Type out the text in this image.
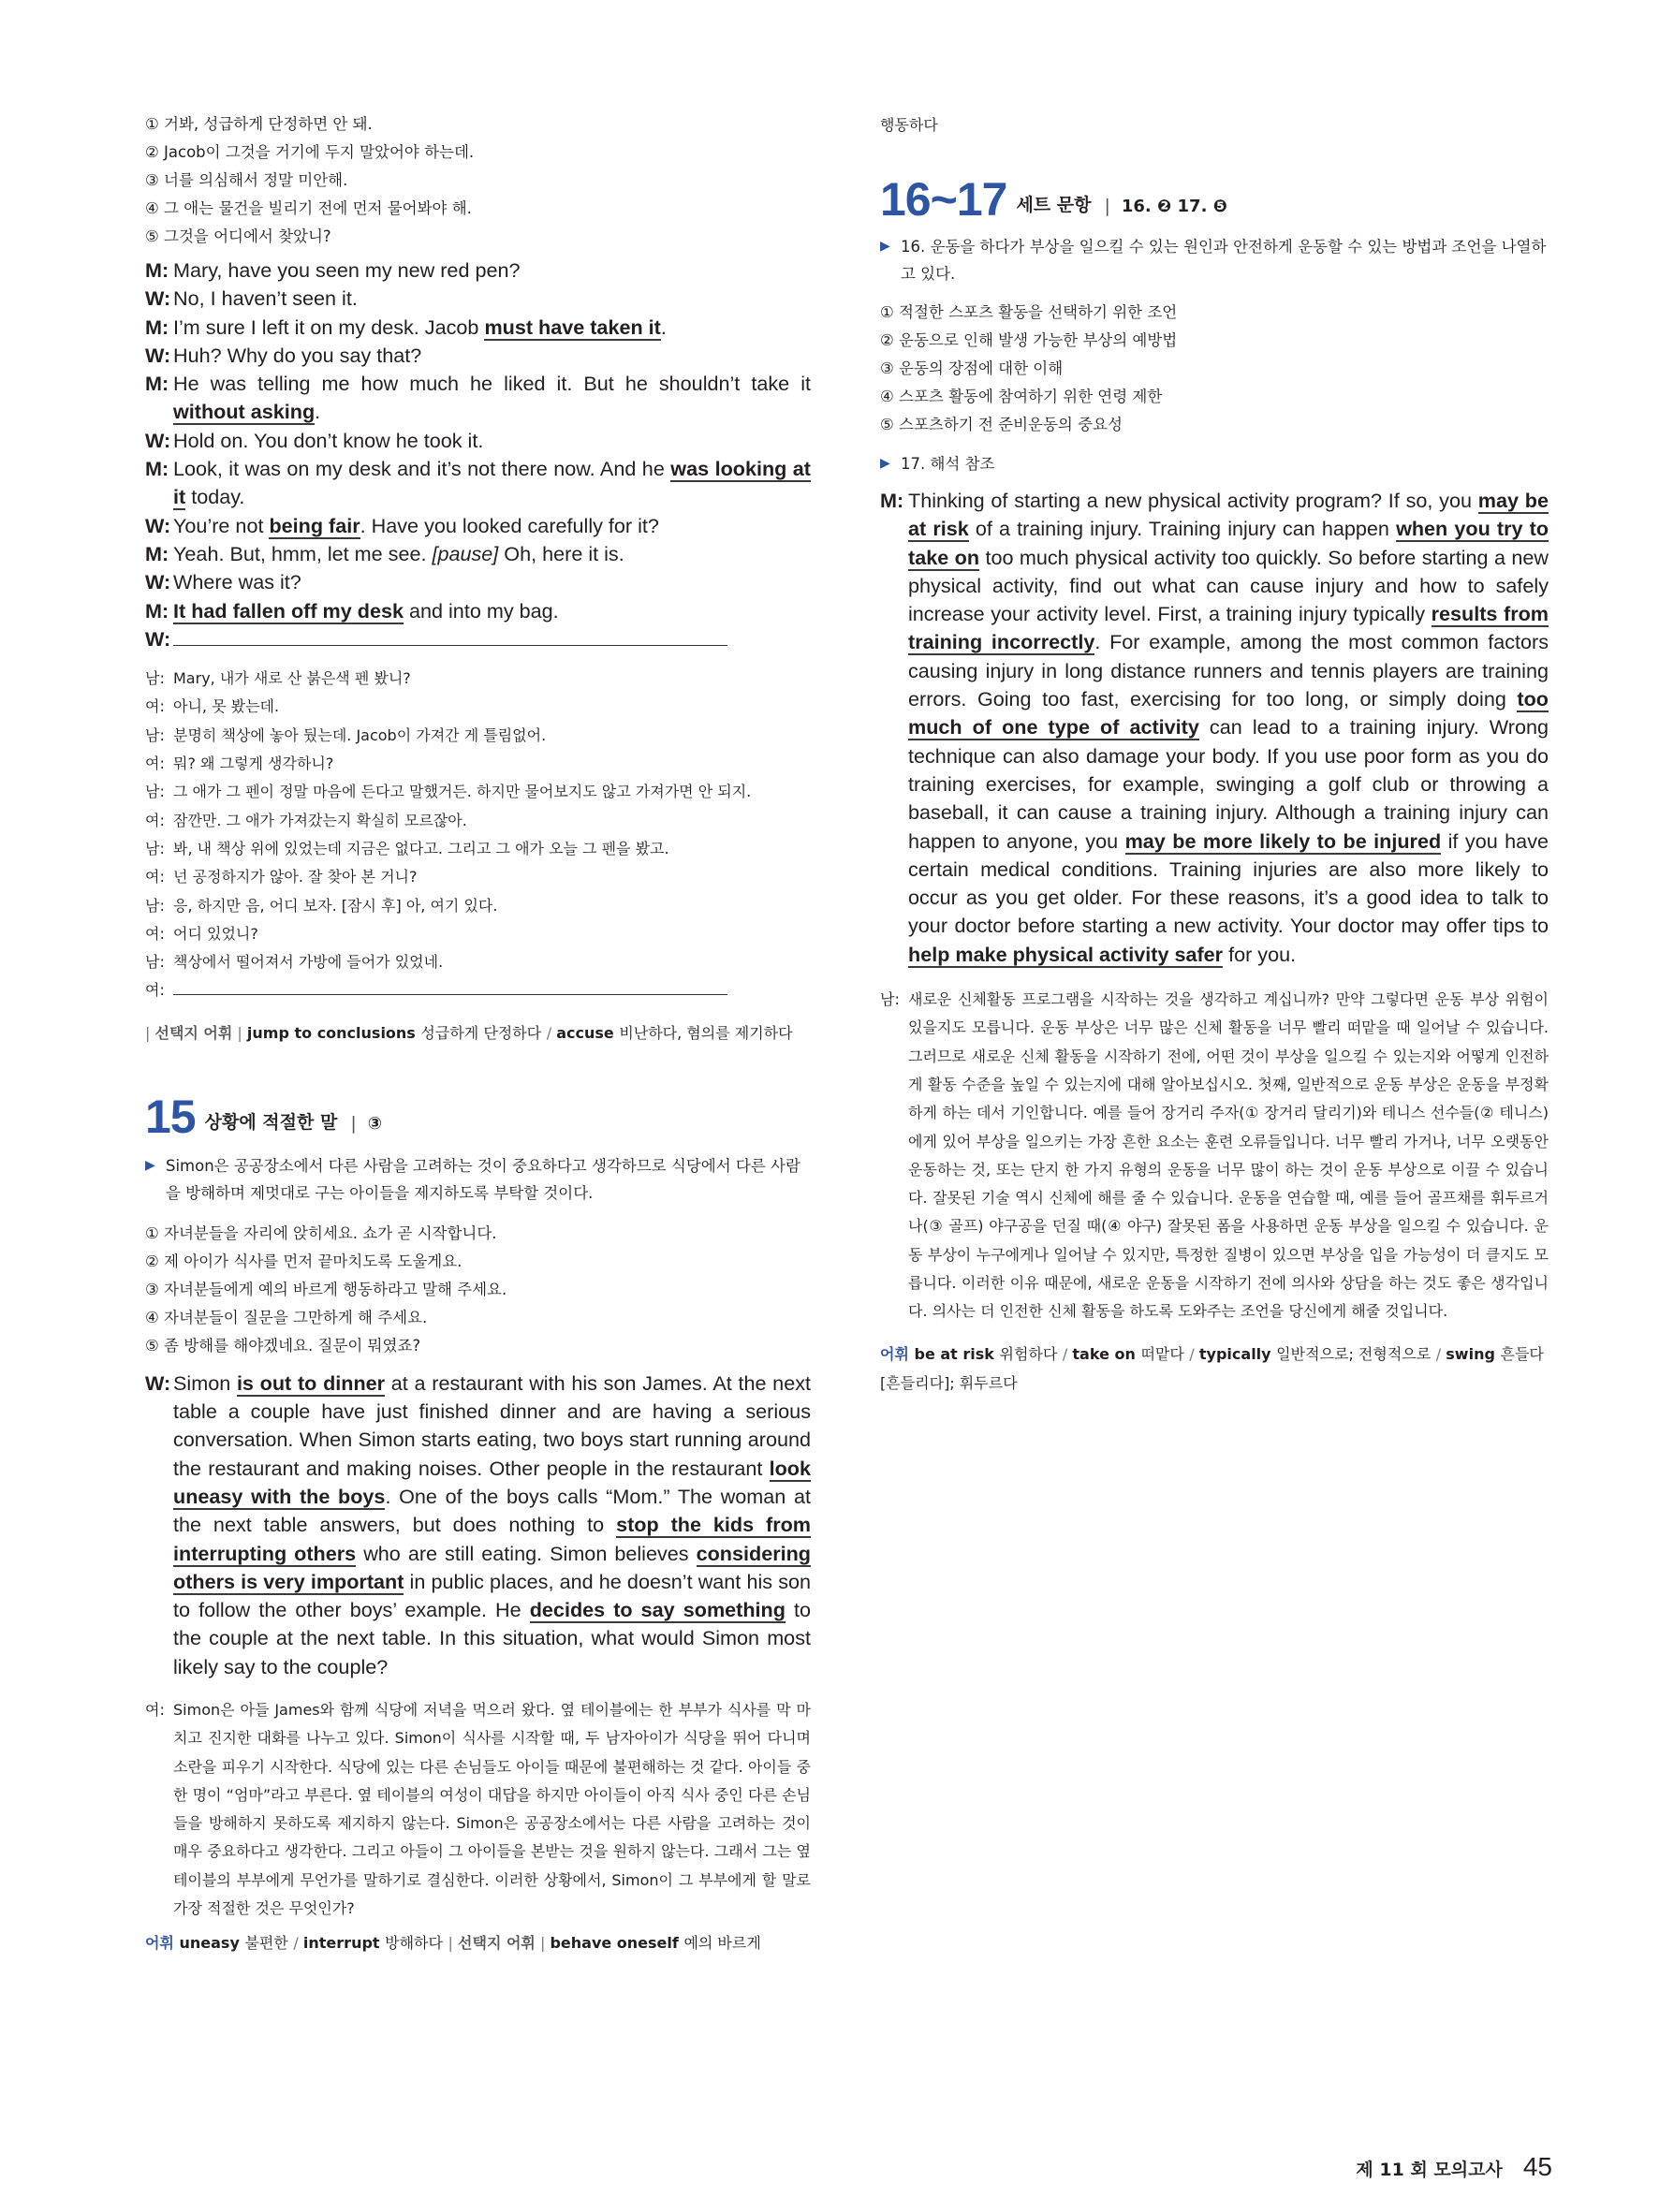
① 거봐, 성급하게 단정하면 안 돼.

② Jacob이 그것을 거기에 두지 말았어야 하는데.

③ 너를 의심해서 정말 미안해.

④ 그 애는 물건을 빌리기 전에 먼저 물어봐야 해.

⑤ 그것을 어디에서 찾았니?

M: Mary, have you seen my new red pen?
W: No, I haven’t seen it.
M: I’m sure I left it on my desk. Jacob must have taken it.
W: Huh? Why do you say that?
M: He was telling me how much he liked it. But he shouldn’t take it without asking.
W: Hold on. You don’t know he took it.
M: Look, it was on my desk and it’s not there now. And he was looking at it today.
W: You’re not being fair. Have you looked carefully for it?
M: Yeah. But, hmm, let me see. [pause] Oh, here it is.
W: Where was it?
M: It had fallen off my desk and into my bag.
W:
남: Mary, 내가 새로 산 붉은색 펜 봤니?
여: 아니, 못 봤는데.
남: 분명히 책상에 놓아 뒀는데. Jacob이 가져간 게 틀림없어.
여: 뭐? 왜 그렇게 생각하니?
남: 그 애가 그 펜이 정말 마음에 든다고 말했거든. 하지만 물어보지도 않고 가져가면 안 되지.
여: 잠깐만. 그 애가 가져갔는지 확실히 모르잖아.
남: 봐, 내 책상 위에 있었는데 지금은 없다고. 그리고 그 애가 오늘 그 펜을 봤고.
여: 넌 공정하지가 않아. 잘 찾아 본 거니?
남: 응, 하지만 음, 어디 보자. [잠시 후] 아, 여기 있다.
여: 어디 있었니?
남: 책상에서 떨어져서 가방에 들어가 있었네.
여:

| 선택지 어휘 | jump to conclusions 성급하게 단정하다 / accuse 비난하다, 혐의를 제기하다

15 상황에 적절한 말 | ③

▶ Simon은 공공장소에서 다른 사람을 고려하는 것이 중요하다고 생각하므로 식당에서 다른 사람을 방해하며 제멋대로 구는 아이들을 제지하도록 부탁할 것이다.

① 자녀분들을 자리에 앉히세요. 쇼가 곧 시작합니다.

② 제 아이가 식사를 먼저 끝마치도록 도울게요.

③ 자녀분들에게 예의 바르게 행동하라고 말해 주세요.

④ 자녀분들이 질문을 그만하게 해 주세요.

⑤ 좀 방해를 해야겠네요. 질문이 뭐였죠?

W: Simon is out to dinner at a restaurant with his son James. At the next table a couple have just finished dinner and are having a serious conversation. When Simon starts eating, two boys start running around the restaurant and making noises. Other people in the restaurant look uneasy with the boys. One of the boys calls “Mom.” The woman at the next table answers, but does nothing to stop the kids from interrupting others who are still eating. Simon believes considering others is very important in public places, and he doesn’t want his son to follow the other boys’ example. He decides to say something to the couple at the next table. In this situation, what would Simon most likely say to the couple?
여: Simon은 아들 James와 함께 식당에 저녁을 먹으러 왔다. 옆 테이블에는 한 부부가 식사를 막 마치고 진지한 대화를 나누고 있다. Simon이 식사를 시작할 때, 두 남자아이가 식당을 뛰어 다니며 소란을 피우기 시작한다. 식당에 있는 다른 손님들도 아이들 때문에 불편해하는 것 같다. 아이들 중 한 명이 “엄마”라고 부른다. 옆 테이블의 여성이 대답을 하지만 아이들이 아직 식사 중인 다른 손님들을 방해하지 못하도록 제지하지 않는다. Simon은 공공장소에서는 다른 사람을 고려하는 것이 매우 중요하다고 생각한다. 그리고 아들이 그 아이들을 본받는 것을 원하지 않는다. 그래서 그는 옆 테이블의 부부에게 무언가를 말하기로 결심한다. 이러한 상황에서, Simon이 그 부부에게 할 말로 가장 적절한 것은 무엇인가?

어휘 uneasy 불편한 / interrupt 방해하다 | 선택지 어휘 | behave oneself 예의 바르게

행동하다

16~17 세트 문항 | 16. ❷ 17. ❺

▶ 16. 운동을 하다가 부상을 일으킬 수 있는 원인과 안전하게 운동할 수 있는 방법과 조언을 나열하고 있다.

① 적절한 스포츠 활동을 선택하기 위한 조언

② 운동으로 인해 발생 가능한 부상의 예방법

③ 운동의 장점에 대한 이해

④ 스포츠 활동에 참여하기 위한 연령 제한

⑤ 스포츠하기 전 준비운동의 중요성

▶ 17. 해석 참조

M: Thinking of starting a new physical activity program? If so, you may be at risk of a training injury. Training injury can happen when you try to take on too much physical activity too quickly. So before starting a new physical activity, find out what can cause injury and how to safely increase your activity level. First, a training injury typically results from training incorrectly. For example, among the most common factors causing injury in long distance runners and tennis players are training errors. Going too fast, exercising for too long, or simply doing too much of one type of activity can lead to a training injury. Wrong technique can also damage your body. If you use poor form as you do training exercises, for example, swinging a golf club or throwing a baseball, it can cause a training injury. Although a training injury can happen to anyone, you may be more likely to be injured if you have certain medical conditions. Training injuries are also more likely to occur as you get older. For these reasons, it’s a good idea to talk to your doctor before starting a new activity. Your doctor may offer tips to help make physical activity safer for you.
남: 새로운 신체활동 프로그램을 시작하는 것을 생각하고 계십니까? 만약 그렇다면 운동 부상 위험이 있을지도 모릅니다. 운동 부상은 너무 많은 신체 활동을 너무 빨리 떠맡을 때 일어날 수 있습니다. 그러므로 새로운 신체 활동을 시작하기 전에, 어떤 것이 부상을 일으킬 수 있는지와 어떻게 인전하게 활동 수준을 높일 수 있는지에 대해 알아보십시오. 첫째, 일반적으로 운동 부상은 운동을 부정확하게 하는 데서 기인합니다. 예를 들어 장거리 주자(① 장거리 달리기)와 테니스 선수들(② 테니스)에게 있어 부상을 일으키는 가장 흔한 요소는 훈련 오류들입니다. 너무 빨리 가거나, 너무 오랫동안 운동하는 것, 또는 단지 한 가지 유형의 운동을 너무 많이 하는 것이 운동 부상으로 이끌 수 있습니다. 잘못된 기술 역시 신체에 해를 줄 수 있습니다. 운동을 연습할 때, 예를 들어 골프채를 휘두르거나(③ 골프) 야구공을 던질 때(④ 야구) 잘못된 폼을 사용하면 운동 부상을 일으킬 수 있습니다. 운동 부상이 누구에게나 일어날 수 있지만, 특정한 질병이 있으면 부상을 입을 가능성이 더 클지도 모릅니다. 이러한 이유 때문에, 새로운 운동을 시작하기 전에 의사와 상담을 하는 것도 좋은 생각입니다. 의사는 더 인전한 신체 활동을 하도록 도와주는 조언을 당신에게 해줄 것입니다.

어휘 be at risk 위험하다 / take on 떠맡다 / typically 일반적으로; 전형적으로 / swing 흔들다[흔들리다]; 휘두르다

제 11 회 모의고사 45
